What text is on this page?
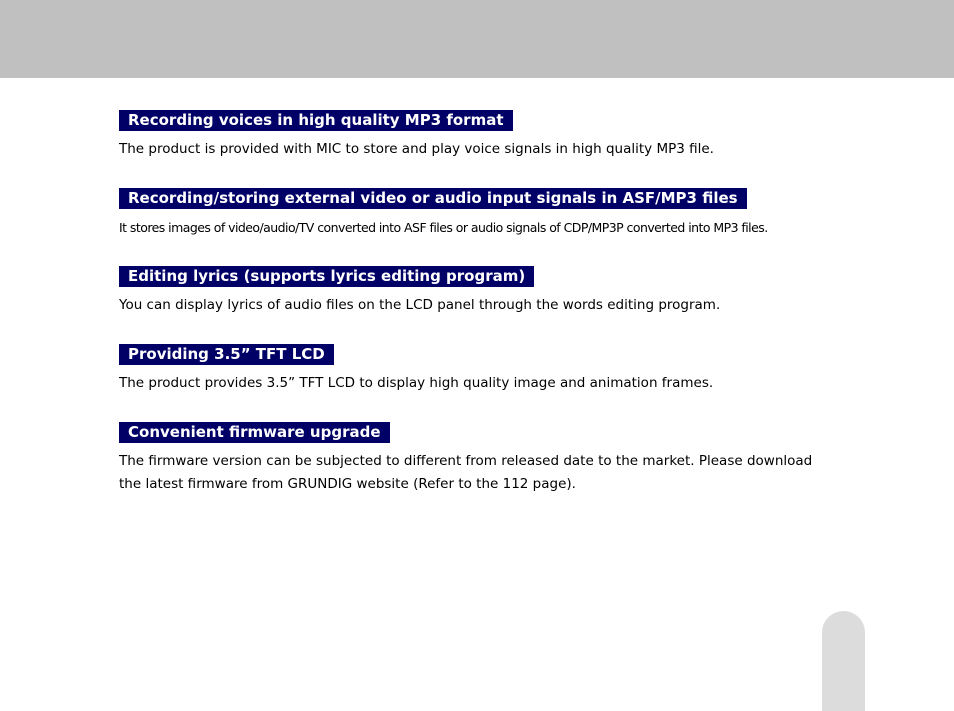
Recording voices in high quality MP3 format

The product is provided with MIC to store and play voice signals in high quality MP3 file.

Recording/storing external video or audio input signals in ASF/MP3 files

It stores images of video/audio/TV converted into ASF files or audio signals of CDP/MP3P converted into MP3 files.

Editing lyrics (supports lyrics editing program)

You can display lyrics of audio files on the LCD panel through the words editing program.

Providing 3.5” TFT LCD

The product provides 3.5” TFT LCD to display high quality image and animation frames.

Convenient firmware upgrade

The firmware version can be subjected to different from released date to the market. Please download the latest firmware from GRUNDIG website (Refer to the 112 page).
